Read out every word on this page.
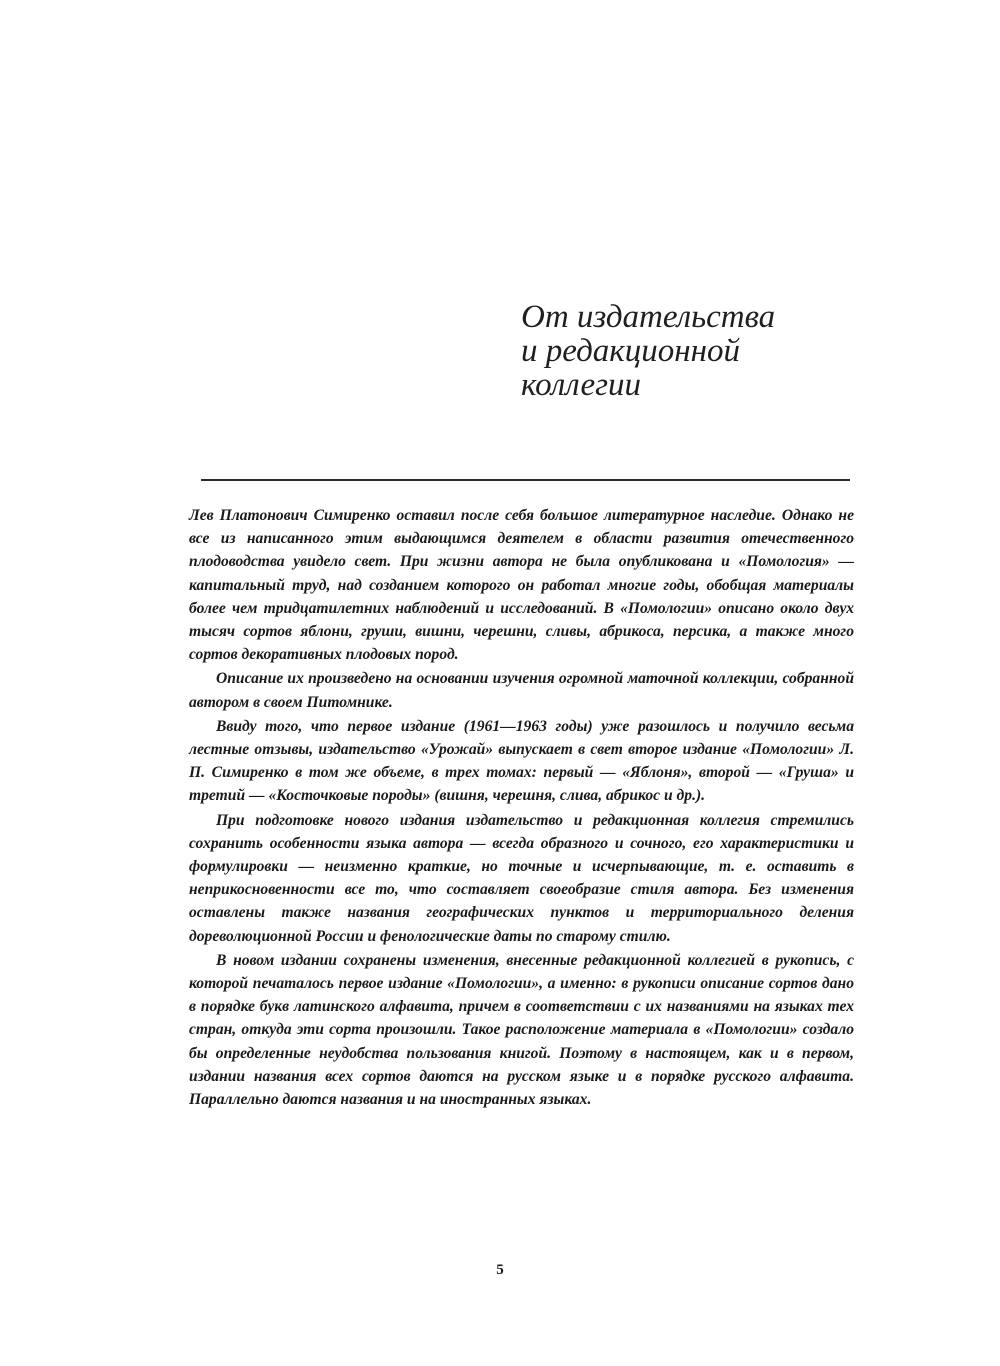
От издательства
и редакционной
коллегии

Лев Платонович Симиренко оставил после себя большое литературное наследие. Однако не все из написанного этим выдающимся деятелем в области развития отечественного плодоводства увидело свет. При жизни автора не была опубликована и «Помология» — капитальный труд, над созданием которого он работал многие годы, обобщая материалы более чем тридцатилетних наблюдений и исследований. В «Помологии» описано около двух тысяч сортов яблони, груши, вишни, черешни, сливы, абрикоса, персика, а также много сортов декоративных плодовых пород.

Описание их произведено на основании изучения огромной маточной коллекции, собранной автором в своем Питомнике.

Ввиду того, что первое издание (1961—1963 годы) уже разошлось и получило весьма лестные отзывы, издательство «Урожай» выпускает в свет второе издание «Помологии» Л. П. Симиренко в том же объеме, в трех томах: первый — «Яблоня», второй — «Груша» и третий — «Косточковые породы» (вишня, черешня, слива, абрикос и др.).

При подготовке нового издания издательство и редакционная коллегия стремились сохранить особенности языка автора — всегда образного и сочного, его характеристики и формулировки — неизменно краткие, но точные и исчерпывающие, т. е. оставить в неприкосновенности все то, что составляет своеобразие стиля автора. Без изменения оставлены также названия географических пунктов и территориального деления дореволюционной России и фенологические даты по старому стилю.

В новом издании сохранены изменения, внесенные редакционной коллегией в рукопись, с которой печаталось первое издание «Помологии», а именно: в рукописи описание сортов дано в порядке букв латинского алфавита, причем в соответствии с их названиями на языках тех стран, откуда эти сорта произошли. Такое расположение материала в «Помологии» создало бы определенные неудобства пользования книгой. Поэтому в настоящем, как и в первом, издании названия всех сортов даются на русском языке и в порядке русского алфавита. Параллельно даются названия и на иностранных языках.

5
